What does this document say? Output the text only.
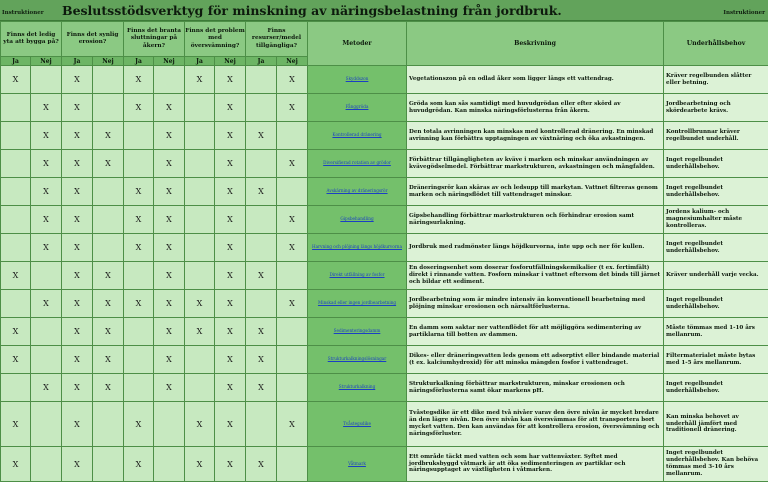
Instruktioner Beslutsstödsverktyg för minskning av näringsbelastning från jordbruk.	Instruktioner
Finns det ledig yta att bygga på?		Finns det synlig erosion?		Finns det branta sluttningar på åkern?		Finns det problem med översvämning?		Finns resurser/medel tillgängliga?		Metoder	Beskrivning	Underhållsbehov
Ja	Nej	Ja	Nej	Ja	Nej	Ja	Nej	Ja	Nej			
X		X		X		X	X		X	Skyddszon	Vegetationszon på en odlad åker som ligger längs ett vattendrag.	Kräver regelbunden slåtter eller betning.
	X	X		X	X		X		X	Fånggröda	Gröda som kan sås samtidigt med huvudgrödan eller efter skörd av huvudgrödan. Kan minska näringsförlusterna från åkern.	Jordbearbetning och skördearbete krävs.
	X	X	X		X		X	X		Kontrollerad dränering	Den totala avrinningen kan minskas med kontrollerad dränering. En minskad avrinning kan förbättra upptagningen av växtnäring och öka avkastningen.	Kontrollbrunnar kräver regelbundet underhåll.
	X	X	X		X		X		X	Diversifierad rotation av grödor	Förbättrar tillgängligheten av kväve i marken och minskar användningen av kvävegödselmedel. Förbättrar markstrukturen, avkastningen och mångfalden.	Inget regelbundet underhållsbehov.
	X	X		X	X		X	X		Avskärning av dräneringsrör	Dräneringsrör kan skäras av och ledsupp till markytan. Vattnet filtreras genom marken och näringsflödet till vattendraget minskar.	Inget regelbundet underhållsbehov.
	X	X		X	X		X		X	Gipsbehandling	Gipsbehandling förbättrar markstrukturen och förhindrar erosion samt näringsurlakning.	Jordens kalium- och magnesiumhalter måste kontrolleras.
	X	X		X	X		X		X	Harvning och plöjning längs höjdkurvorna	Jordbruk med radmönster längs höjdkurvorna, inte upp och ner för kullen.	Inget regelbundet underhållsbehov.
X		X	X		X		X	X		Direkt utfällning av fosfor	En doseringsenhet som doserar fosforutfällningskemikalier (t ex. fertimfält) direkt i rinnande vatten. Fosforn minskar i vattnet eftersom det binds till järnet och bildar ett sediment.	Kräver underhåll varje vecka.
	X	X	X	X	X	X	X		X	Minskad eller ingen jordbearbetning	Jordbearbetning som är mindre intensiv än konventionell bearbetning med plöjning minskar erosionen och närsaltförlusterna.	Inget regelbundet underhållsbehov.
X		X	X		X	X	X	X		Sedimenteringsdamm	En damm som saktar ner vattenflödet för att möjliggöra sedimentering av partiklarna till botten av dammen.	Måste tömmas med 1-10 års mellanrum.
X		X	X		X		X	X		Strukturkalkningslösningar	Dikes- eller dräneringsvatten leds genom ett adsorptivt eller bindande material (t ex. kalciumhydroxid) för att minska mängden fosfor i vattendraget.	Filtermaterialet måste bytas med 1-5 års mellanrum.
	X	X	X		X		X	X		Strukturkalkning	Strukturkalkning förbättrar markstrukturen, minskar erosionen och näringsförlusterna samt ökar markens pH.	Inget regelbundet underhållsbehov.
X		X		X		X	X		X	Tvåstegsdike	Tvåstegsdike är ett dike med två nivåer varav den övre nivån är mycket bredare än den lägre nivån. Den övre nivån kan översvämmas för att transportera bort mycket vatten. Den kan användas för att kontrollera erosion, översvämning och näringsförluster.	Kan minska behovet av underhåll jämfört med traditionell dränering.
X		X		X		X	X	X		Våtmark	Ett område täckt med vatten och som har vattenväxter. Syftet med jordbruksbyggd våtmark är att öka sedimenteringen av partiklar och näringsupptaget av växtligheten i våtmarken.	Inget regelbundet underhållsbehov. Kan behöva tömmas med 3-10 års mellanrum.
